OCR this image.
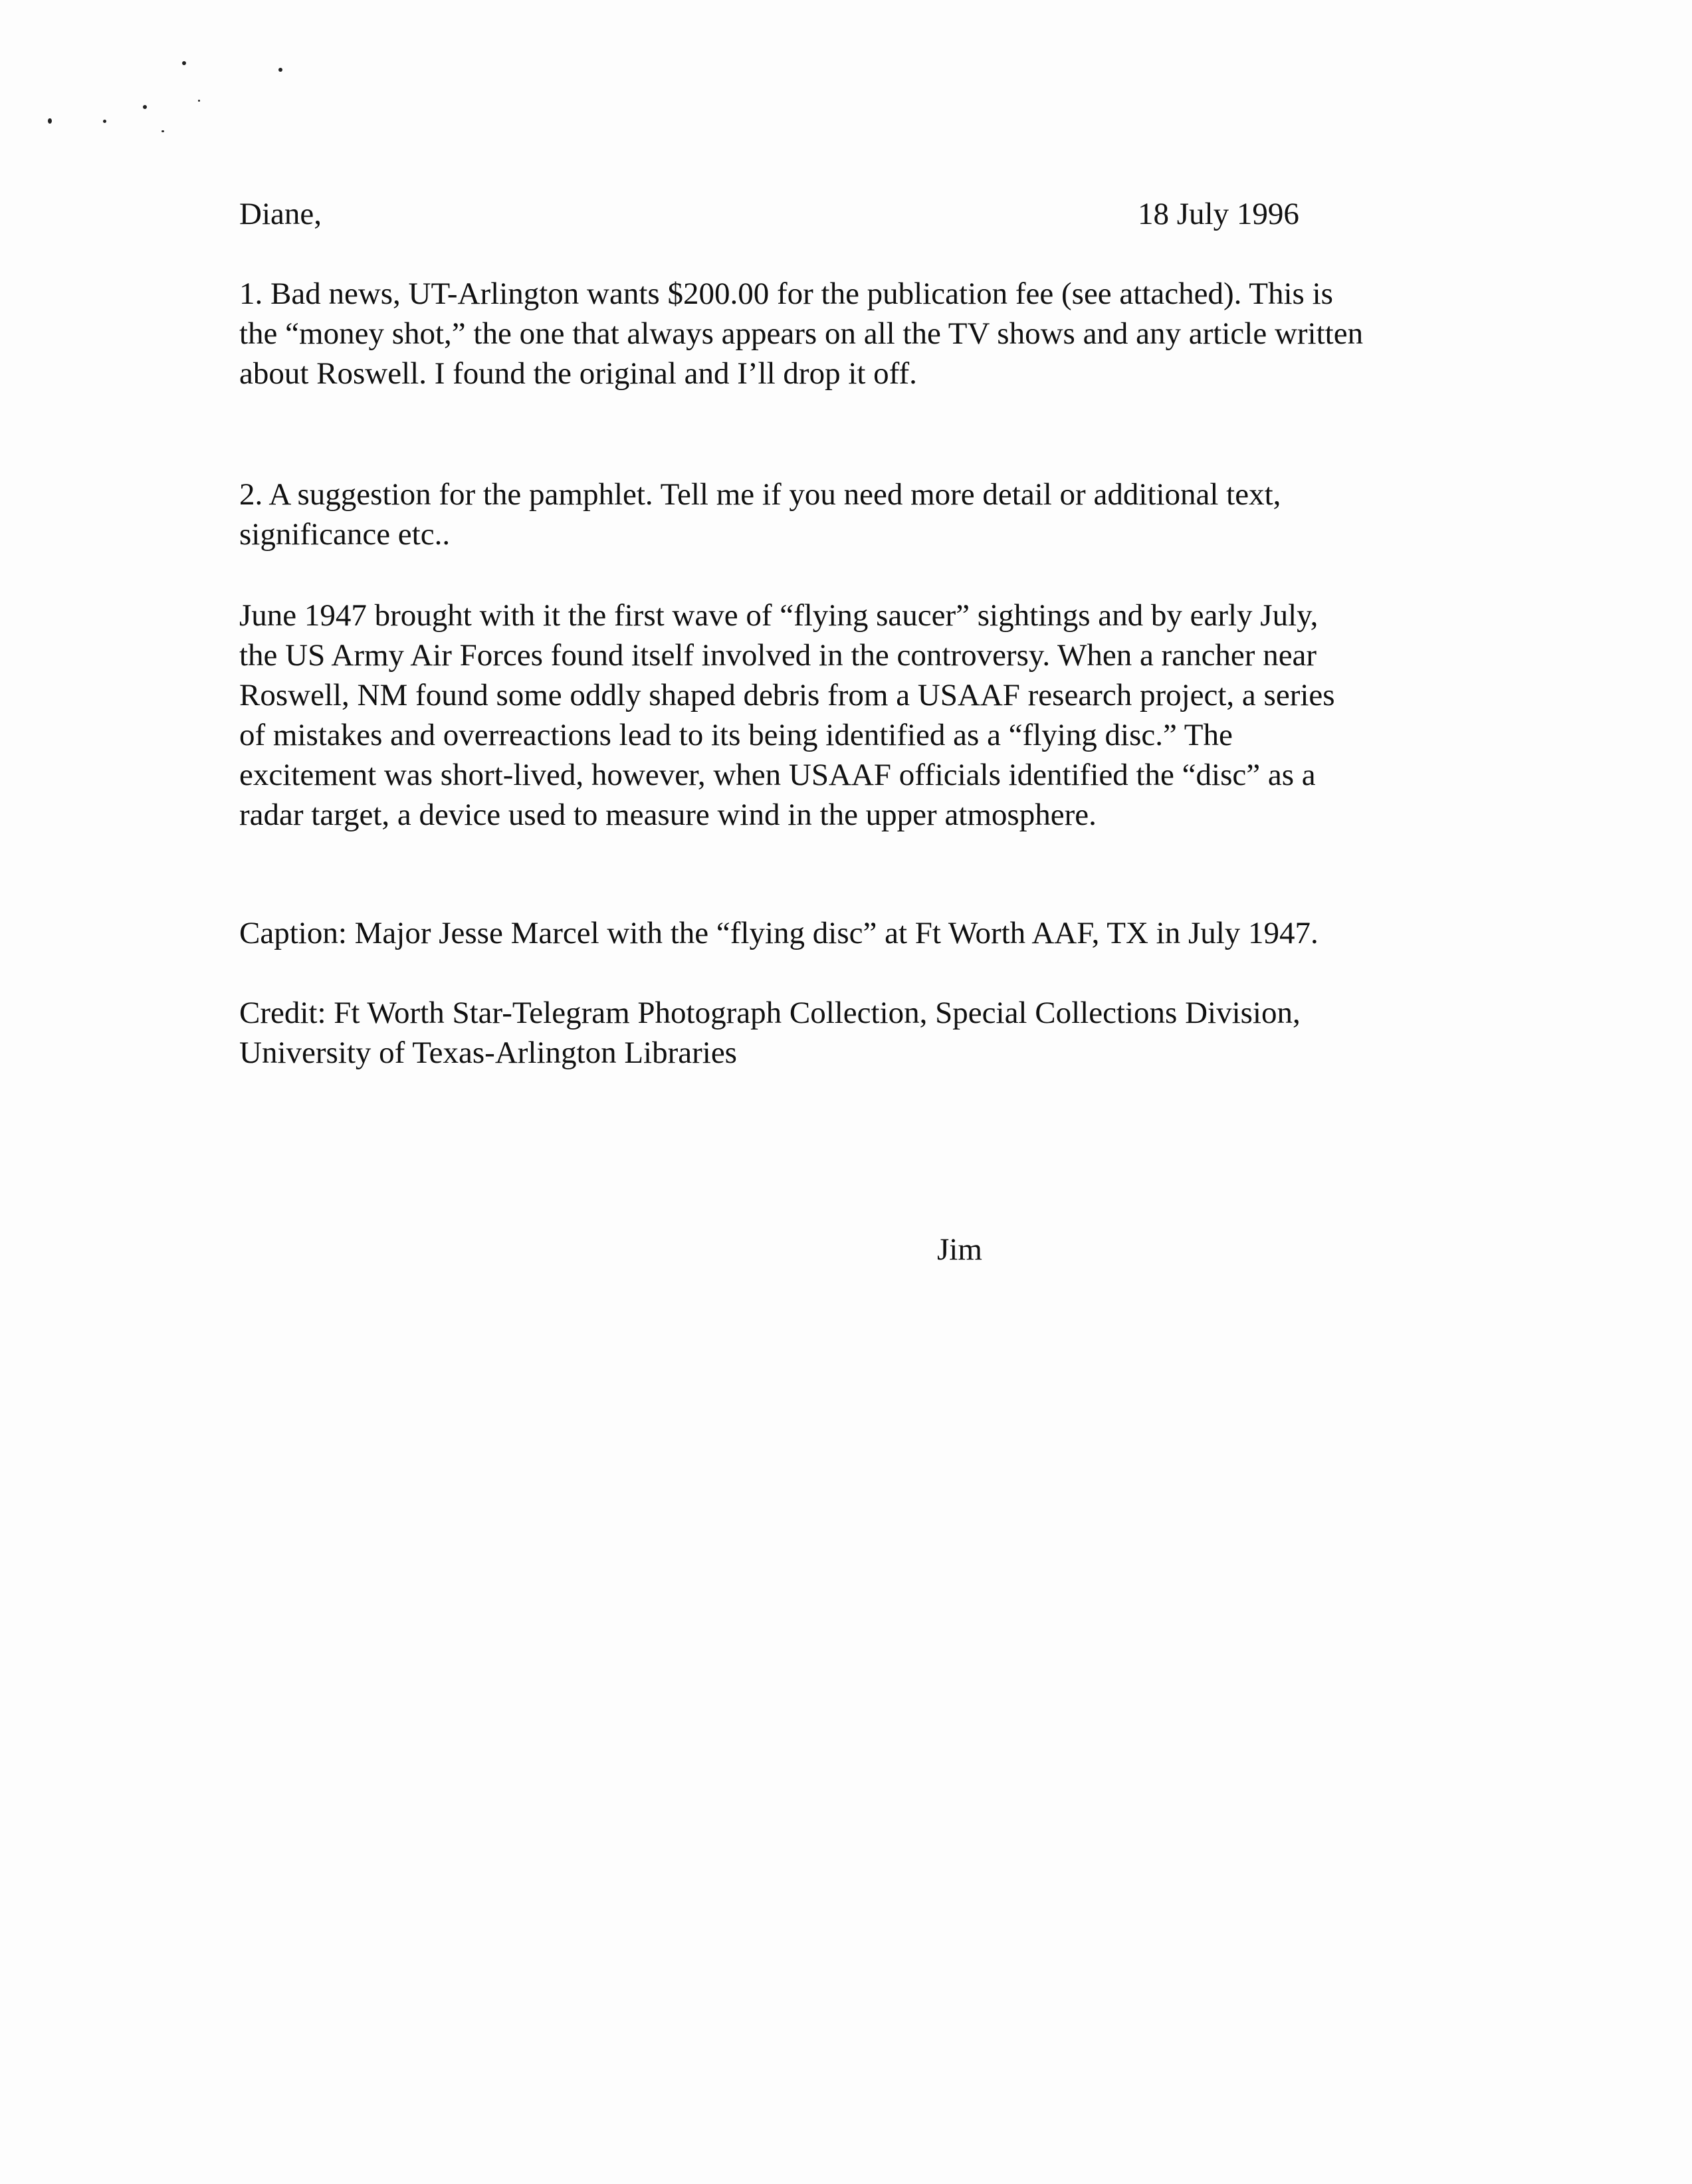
Diane,	18 July 1996

1. Bad news, UT-Arlington wants $200.00 for the publication fee (see attached). This is
the “money shot,” the one that always appears on all the TV shows and any article written
about Roswell. I found the original and I’ll drop it off.
2. A suggestion for the pamphlet. Tell me if you need more detail or additional text,
significance etc..
June 1947 brought with it the first wave of “flying saucer” sightings and by early July,
the US Army Air Forces found itself involved in the controversy. When a rancher near
Roswell, NM found some oddly shaped debris from a USAAF research project, a series
of mistakes and overreactions lead to its being identified as a “flying disc.” The
excitement was short-lived, however, when USAAF officials identified the “disc” as a
radar target, a device used to measure wind in the upper atmosphere.
Caption: Major Jesse Marcel with the “flying disc” at Ft Worth AAF, TX in July 1947.
Credit: Ft Worth Star-Telegram Photograph Collection, Special Collections Division,
University of Texas-Arlington Libraries

Jim
